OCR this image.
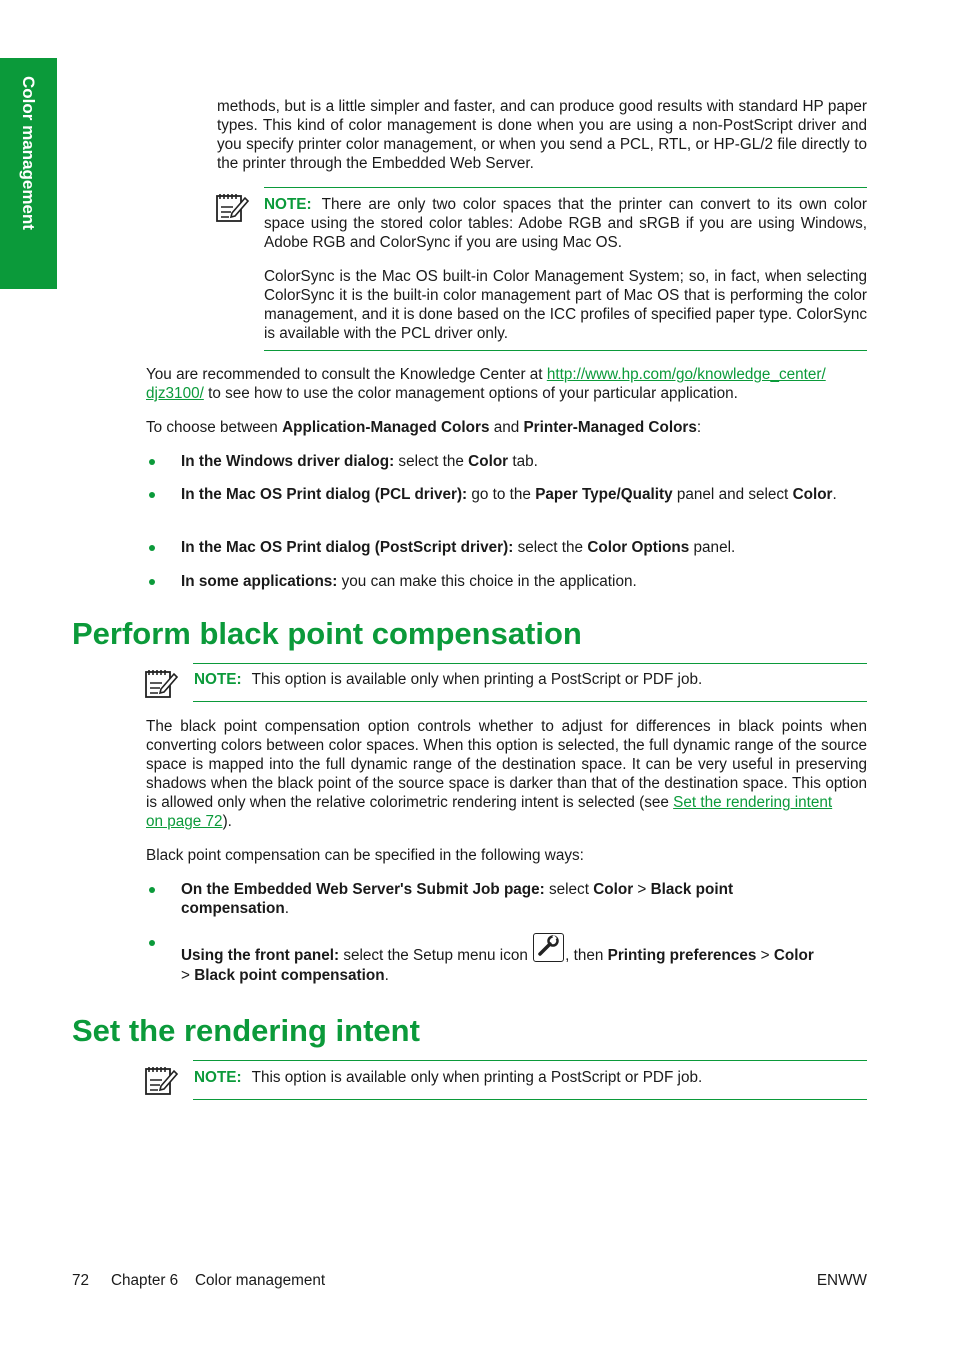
Color management	methods, but is a little simpler and faster, and can produce good results with standard HP paper types. This kind of color management is done when you are using a non-PostScript driver and you specify printer color management, or when you send a PCL, RTL, or HP-GL/2 file directly to the printer through the Embedded Web Server.

NOTE: There are only two color spaces that the printer can convert to its own color space using the stored color tables: Adobe RGB and sRGB if you are using Windows, Adobe RGB and ColorSync if you are using Mac OS.

ColorSync is the Mac OS built-in Color Management System; so, in fact, when selecting ColorSync it is the built-in color management part of Mac OS that is performing the color management, and it is done based on the ICC profiles of specified paper type. ColorSync is available with the PCL driver only.

You are recommended to consult the Knowledge Center at http://www.hp.com/go/knowledge_center/
djz3100/ to see how to use the color management options of your particular application.

To choose between Application-Managed Colors and Printer-Managed Colors:

In the Windows driver dialog: select the Color tab.

In the Mac OS Print dialog (PCL driver): go to the Paper Type/Quality panel and select Color.

In the Mac OS Print dialog (PostScript driver): select the Color Options panel.

In some applications: you can make this choice in the application.

Perform black point compensation

NOTE: This option is available only when printing a PostScript or PDF job.

The black point compensation option controls whether to adjust for differences in black points when converting colors between color spaces. When this option is selected, the full dynamic range of the source space is mapped into the full dynamic range of the destination space. It can be very useful in preserving shadows when the black point of the source space is darker than that of the destination space. This option is allowed only when the relative colorimetric rendering intent is selected (see Set the rendering intent
on page 72).

Black point compensation can be specified in the following ways:

On the Embedded Web Server's Submit Job page: select Color > Black point
compensation.

Using the front panel: select the Setup menu icon
, then Printing preferences > Color
> Black point compensation.

Set the rendering intent

NOTE: This option is available only when printing a PostScript or PDF job.

72 Chapter 6 Color management	ENWW
